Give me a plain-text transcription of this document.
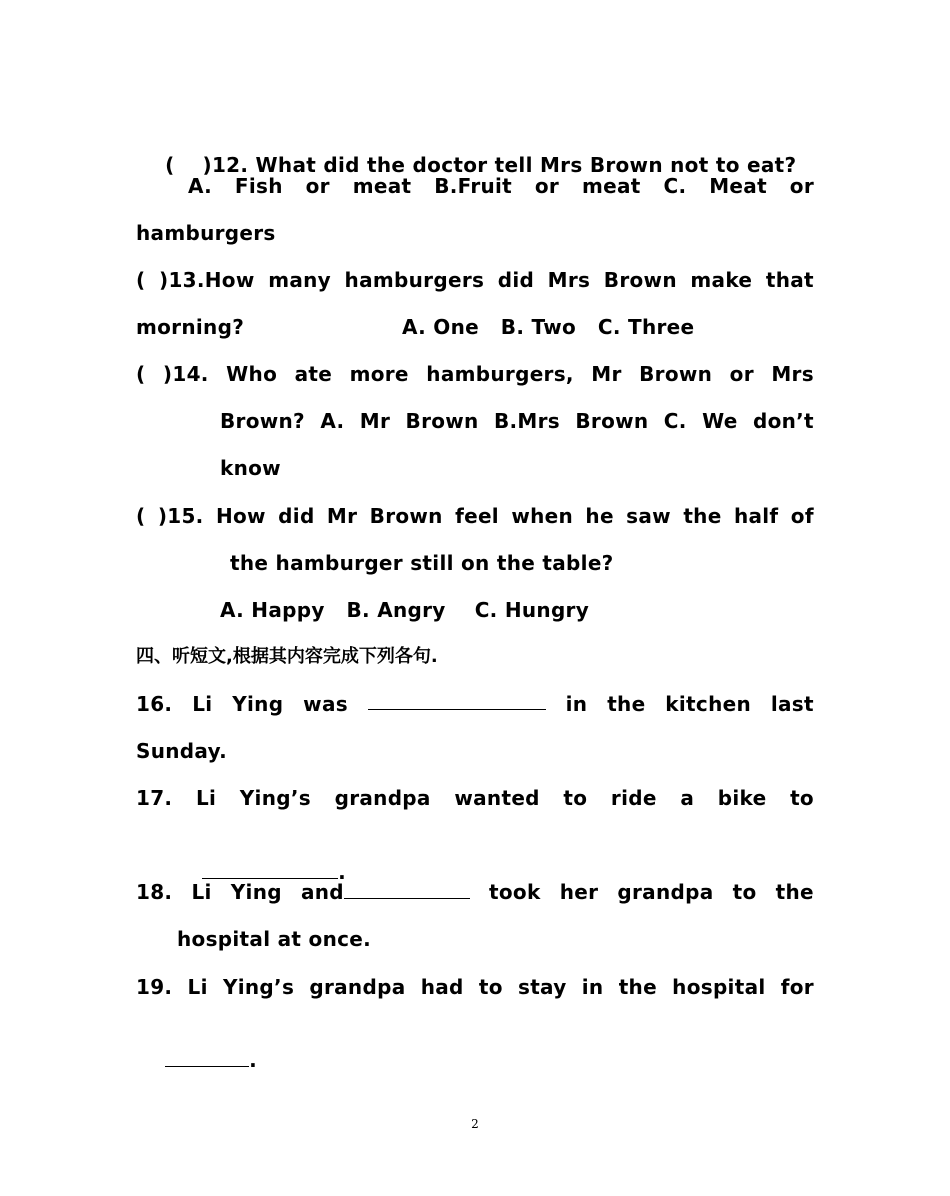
( )12. What did the doctor tell Mrs Brown not to eat?

A. Fish or meat B.Fruit or meat C. Meat or
hamburgers
( )13.How many hamburgers did Mrs Brown make that
morning?	A. One   B. Two   C. Three
( )14. Who ate more hamburgers, Mr Brown or Mrs
Brown? A. Mr Brown B.Mrs Brown C. We don’t
know
( )15. How did Mr Brown feel when he saw the half of
the hamburger still on the table?
A. Happy   B. Angry    C. Hungry
四、听短文,根据其内容完成下列各句.
16. Li Ying was	in the kitchen last
Sunday.
17. Li Ying’s grandpa wanted to ride a bike to

.

18. Li Ying and	took her grandpa to the
hospital at once.
19. Li Ying’s grandpa had to stay in the hospital for

.

2
